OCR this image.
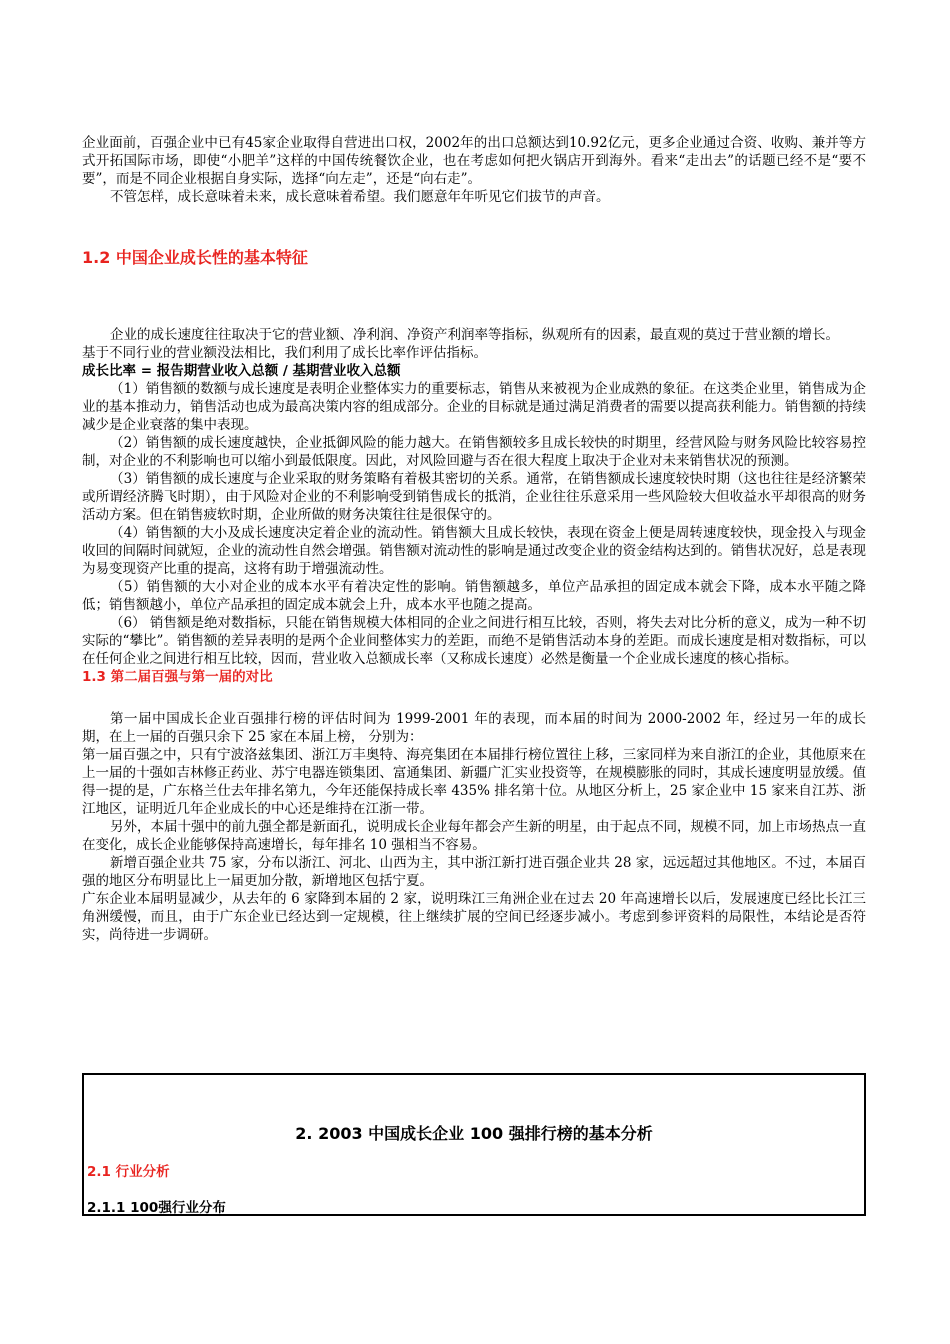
企业面前，百强企业中已有45家企业取得自营进出口权，2002年的出口总额达到10.92亿元，更多企业通过合资、收购、兼并等方式开拓国际市场，即使“小肥羊”这样的中国传统餐饮企业，也在考虑如何把火锅店开到海外。看来“走出去”的话题已经不是“要不要”，而是不同企业根据自身实际，选择“向左走”，还是“向右走”。

不管怎样，成长意味着未来，成长意味着希望。我们愿意年年听见它们拔节的声音。

1.2 中国企业成长性的基本特征

企业的成长速度往往取决于它的营业额、净利润、净资产利润率等指标，纵观所有的因素，最直观的莫过于营业额的增长。

基于不同行业的营业额没法相比，我们利用了成长比率作评估指标。

成长比率 = 报告期营业收入总额 / 基期营业收入总额

（1）销售额的数额与成长速度是表明企业整体实力的重要标志，销售从来被视为企业成熟的象征。在这类企业里，销售成为企业的基本推动力，销售活动也成为最高决策内容的组成部分。企业的目标就是通过满足消费者的需要以提高获利能力。销售额的持续减少是企业衰落的集中表现。

（2）销售额的成长速度越快，企业抵御风险的能力越大。在销售额较多且成长较快的时期里，经营风险与财务风险比较容易控制，对企业的不利影响也可以缩小到最低限度。因此，对风险回避与否在很大程度上取决于企业对未来销售状况的预测。

（3）销售额的成长速度与企业采取的财务策略有着极其密切的关系。通常，在销售额成长速度较快时期（这也往往是经济繁荣或所谓经济腾飞时期），由于风险对企业的不利影响受到销售成长的抵消，企业往往乐意采用一些风险较大但收益水平却很高的财务活动方案。但在销售疲软时期，企业所做的财务决策往往是很保守的。

（4）销售额的大小及成长速度决定着企业的流动性。销售额大且成长较快，表现在资金上便是周转速度较快，现金投入与现金收回的间隔时间就短，企业的流动性自然会增强。销售额对流动性的影响是通过改变企业的资金结构达到的。销售状况好，总是表现为易变现资产比重的提高，这将有助于增强流动性。

（5）销售额的大小对企业的成本水平有着决定性的影响。销售额越多，单位产品承担的固定成本就会下降，成本水平随之降低；销售额越小，单位产品承担的固定成本就会上升，成本水平也随之提高。

（6） 销售额是绝对数指标，只能在销售规模大体相同的企业之间进行相互比较，否则，将失去对比分析的意义，成为一种不切实际的“攀比”。销售额的差异表明的是两个企业间整体实力的差距，而绝不是销售活动本身的差距。而成长速度是相对数指标，可以在任何企业之间进行相互比较，因而，营业收入总额成长率（又称成长速度）必然是衡量一个企业成长速度的核心指标。

1.3 第二届百强与第一届的对比

第一届中国成长企业百强排行榜的评估时间为 1999-2001 年的表现，而本届的时间为 2000-2002 年，经过另一年的成长期，在上一届的百强只余下 25 家在本届上榜， 分别为：

第一届百强之中，只有宁波洛兹集团、浙江万丰奥特、海亮集团在本届排行榜位置往上移，三家同样为来自浙江的企业，其他原来在上一届的十强如吉林修正药业、苏宁电器连锁集团、富通集团、新疆广汇实业投资等，在规模膨胀的同时，其成长速度明显放缓。值得一提的是，广东格兰仕去年排名第九，今年还能保持成长率 435% 排名第十位。从地区分析上，25 家企业中 15 家来自江苏、浙江地区，证明近几年企业成长的中心还是维持在江浙一带。

另外，本届十强中的前九强全都是新面孔，说明成长企业每年都会产生新的明星，由于起点不同，规模不同，加上市场热点一直在变化，成长企业能够保持高速增长，每年排名 10 强相当不容易。

新增百强企业共 75 家，分布以浙江、河北、山西为主，其中浙江新打进百强企业共 28 家，远远超过其他地区。不过，本届百强的地区分布明显比上一届更加分散，新增地区包括宁夏。

广东企业本届明显减少，从去年的 6 家降到本届的 2 家，说明珠江三角洲企业在过去 20 年高速增长以后，发展速度已经比长江三角洲缓慢，而且，由于广东企业已经达到一定规模，往上继续扩展的空间已经逐步减小。考虑到参评资料的局限性，本结论是否符实，尚待进一步调研。

2. 2003 中国成长企业 100 强排行榜的基本分析
2.1 行业分析
2.1.1 100强行业分布
